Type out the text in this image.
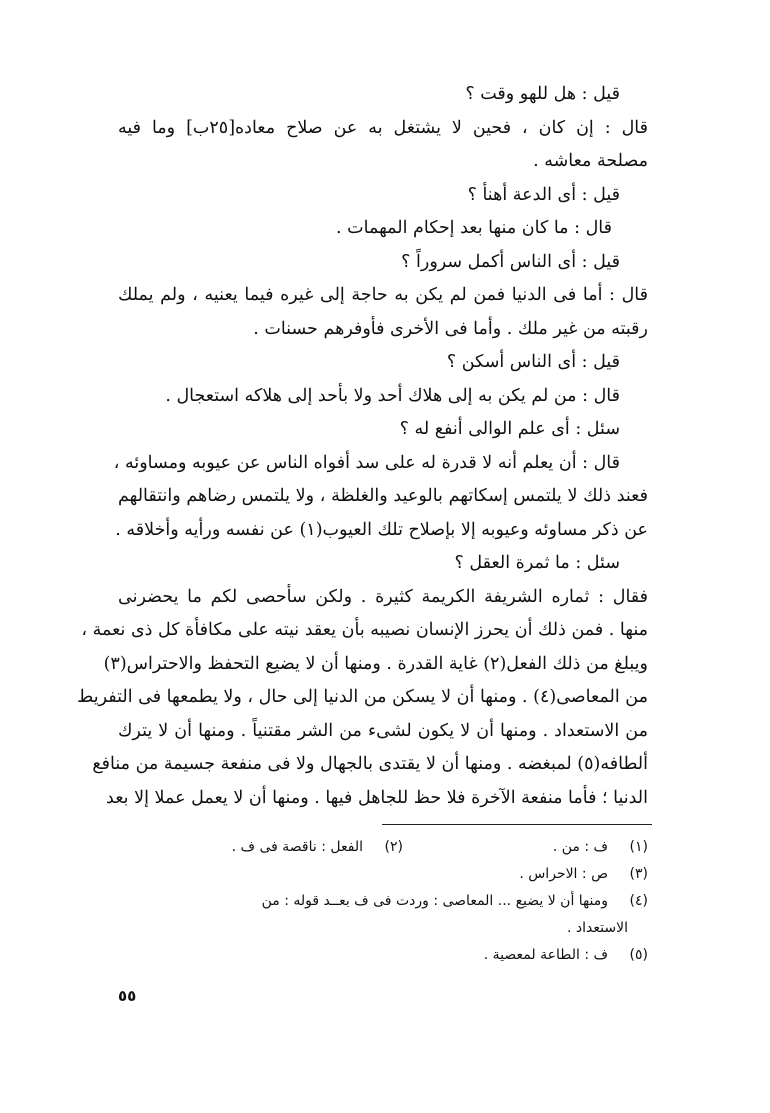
قيل : هل للهو وقت ؟
قال : إن كان ، فحين لا يشتغل به عن صلاح معاده[٢٥ب] وما فيه
مصلحة معاشه .
قيل : أى الدعة أهنأ ؟
قال : ما كان منها بعد إحكام المهمات .
قيل : أى الناس أكمل سروراً ؟
قال : أما فى الدنيا فمن لم يكن به حاجة إلى غيره فيما يعنيه ، ولم يملك
رقبته من غير ملك . وأما فى الأخرى فأوفرهم حسنات .
قيل : أى الناس أسكن ؟
قال : من لم يكن به إلى هلاك أحد ولا بأحد إلى هلاكه استعجال .
سئل : أى علم الوالى أنفع له ؟
قال : أن يعلم أنه لا قدرة له على سد أفواه الناس عن عيوبه ومساوئه ،
فعند ذلك لا يلتمس إسكاتهم بالوعيد والغلظة ، ولا يلتمس رضاهم وانتقالهم
عن ذكر مساوئه وعيوبه إلا بإصلاح تلك العيوب(١) عن نفسه ورأيه وأخلاقه .
سئل : ما ثمرة العقل ؟
فقال : ثماره الشريفة الكريمة كثيرة . ولكن سأحصى لكم ما يحضرنى
منها . فمن ذلك أن يحرز الإنسان نصيبه بأن يعقد نيته على مكافأة كل ذى نعمة ،
ويبلغ من ذلك الفعل(٢) غاية القدرة . ومنها أن لا يضيع التحفظ والاحتراس(٣)
من المعاصى(٤) . ومنها أن لا يسكن من الدنيا إلى حال ، ولا يطمعها فى التفريط
من الاستعداد . ومنها أن لا يكون لشىء من الشر مقتنياً . ومنها أن لا يترك
ألطافه(٥) لمبغضه . ومنها أن لا يقتدى بالجهال ولا فى منفعة جسيمة من منافع
الدنيا ؛ فأما منفعة الآخرة فلا حظ للجاهل فيها . ومنها أن لا يعمل عملا إلا بعد
(١)
ف : من .
(٢)
الفعل : ناقصة فى ف .
(٣)
ص : الاحراس .
(٤)
ومنها أن لا يضيع ... المعاصى : وردت فى ف بعــد قوله : من
الاستعداد .
(٥)
ف : الطاعة لمعصية .
٥٥
